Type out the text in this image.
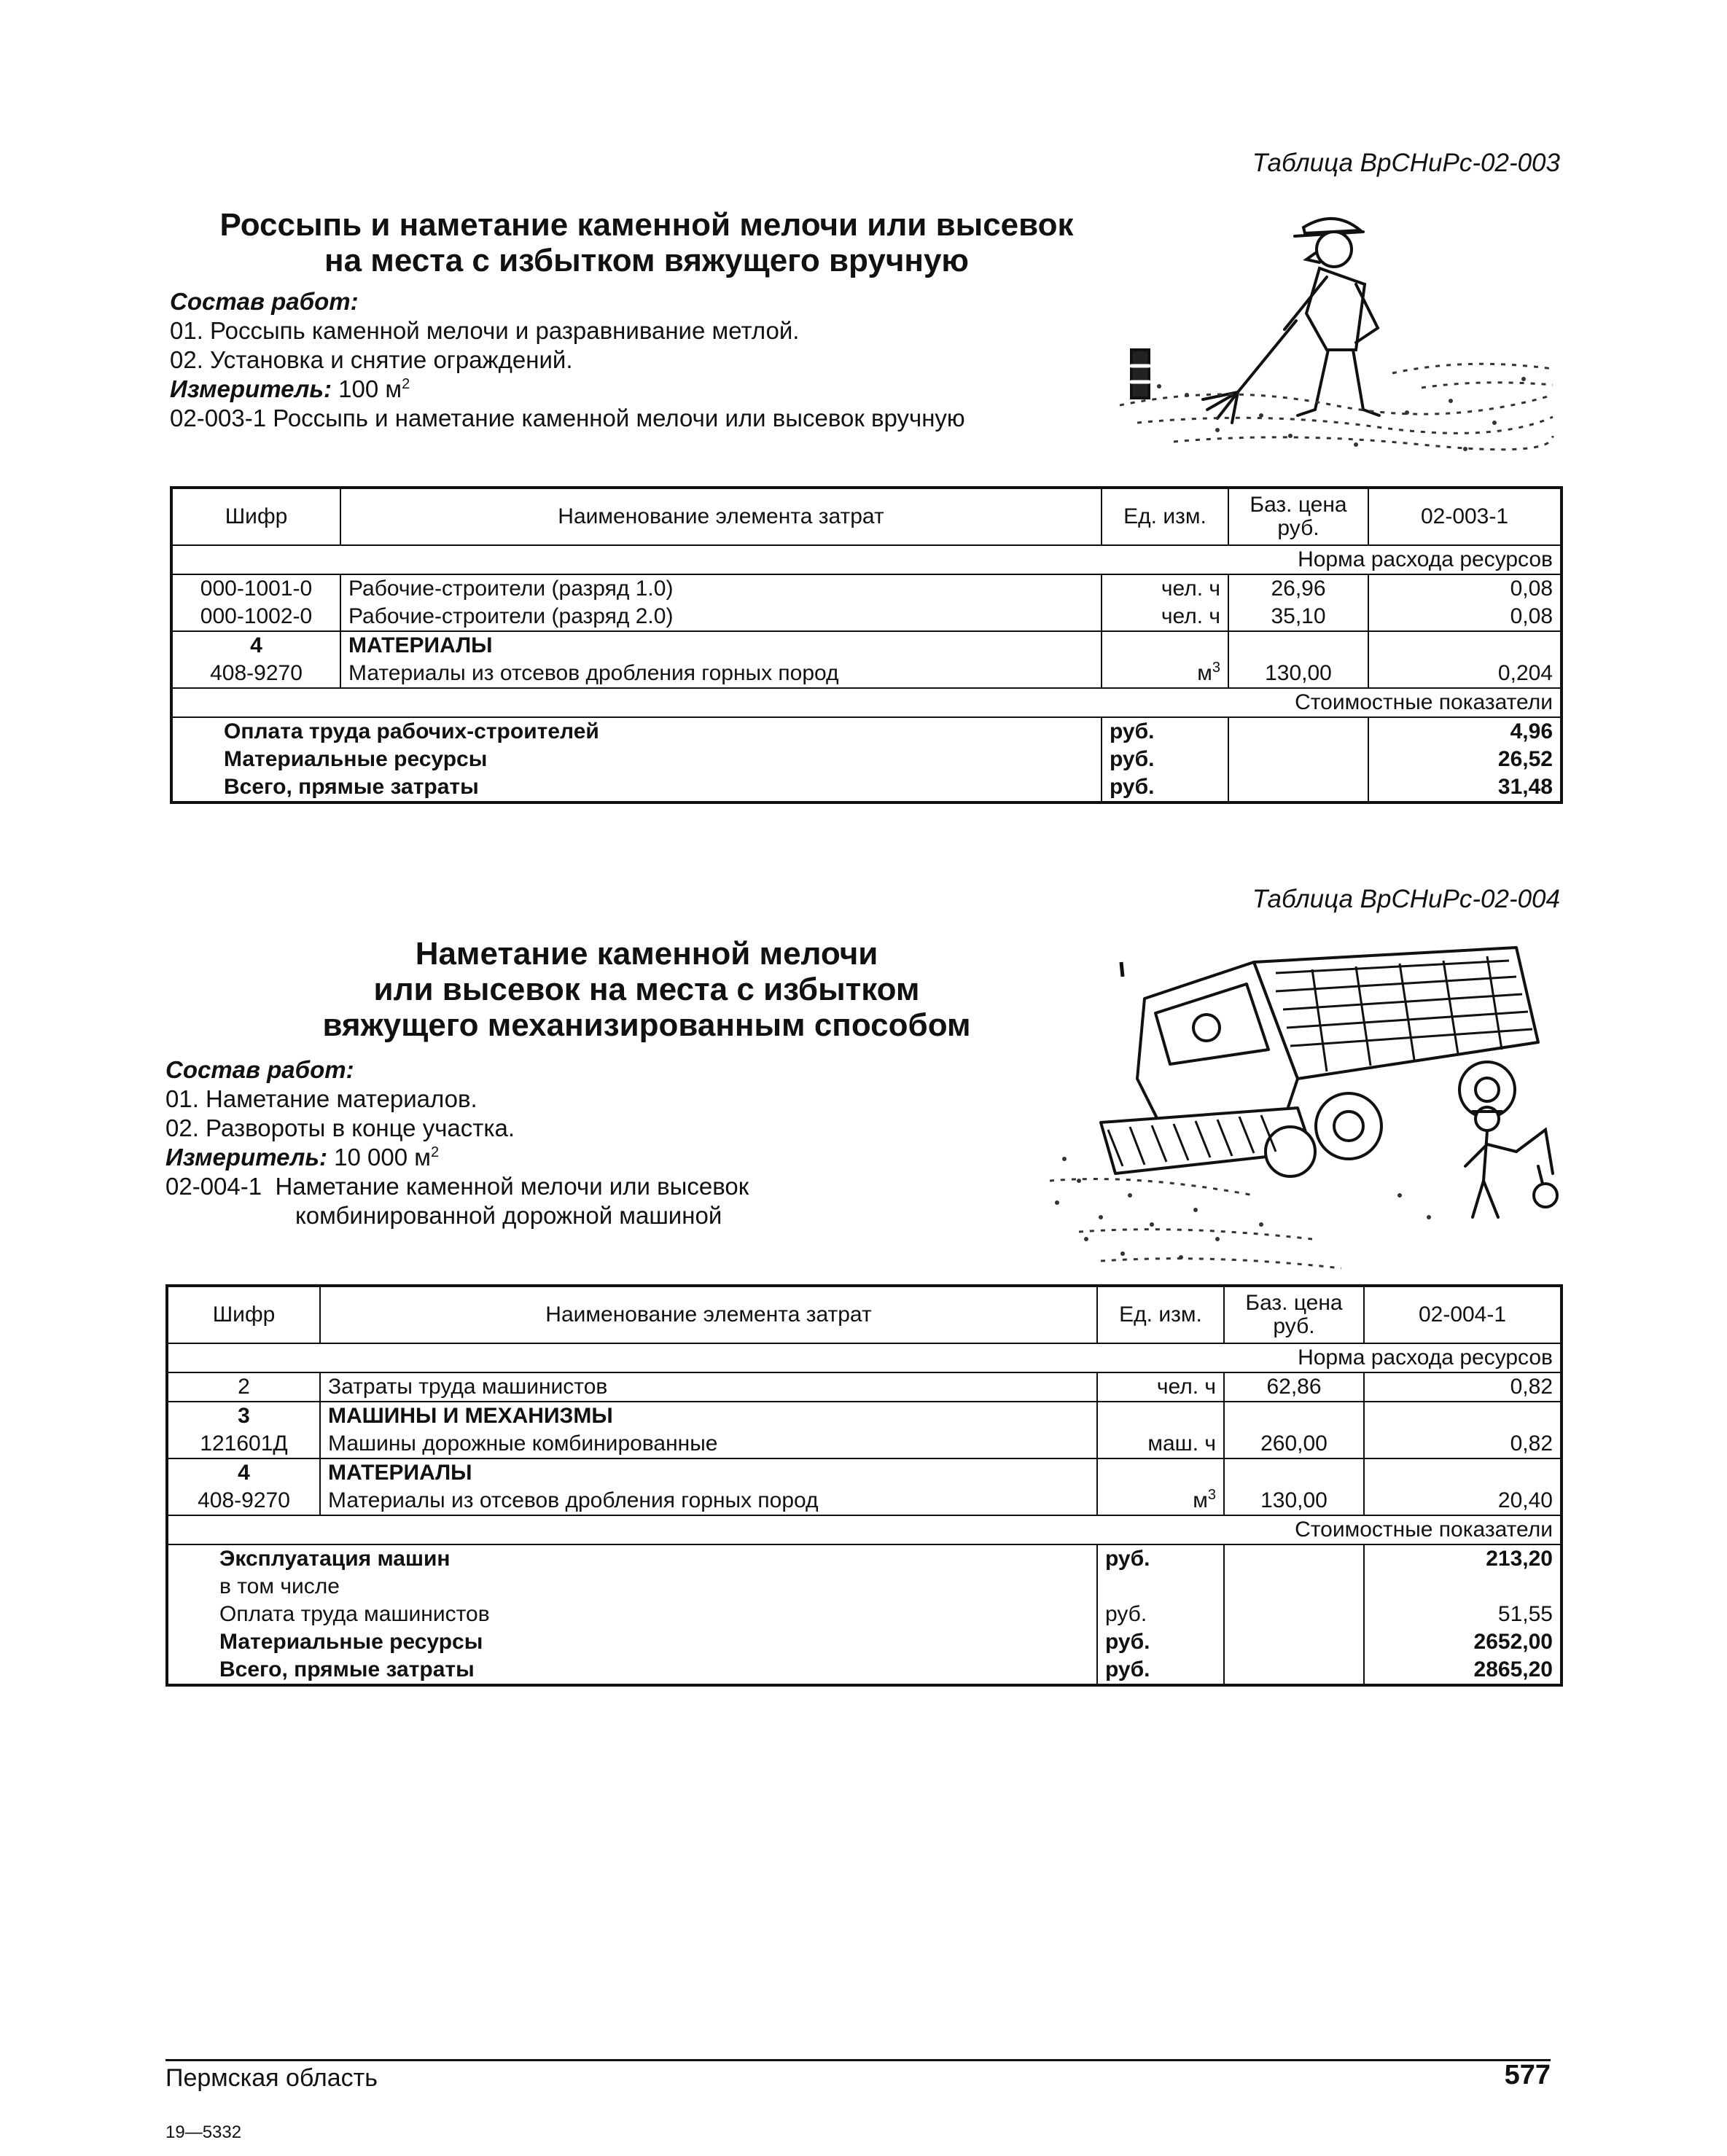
Таблица ВрСНиРс-02-003
Россыпь и наметание каменной мелочи или высевок
на места с избытком вяжущего вручную
Состав работ:
01. Россыпь каменной мелочи и разравнивание метлой.
02. Установка и снятие ограждений.
Измеритель: 100 $м^2$
02-003-1 Россыпь и наметание каменной мелочи или высевок вручную
Шифр	Наименование элемента затрат	Ед. изм.	Баз. цена руб.	02-003-1
Норма расхода ресурсов				
000-1001-0	Рабочие-строители (разряд 1.0)	чел. ч	26,96	0,08
000-1002-0	Рабочие-строители (разряд 2.0)	чел. ч	35,10	0,08
4	МАТЕРИАЛЫ			
408-9270	Материалы из отсевов дробления горных пород	$м^3$	130,00	0,204
Стоимостные показатели				
Оплата труда рабочих-строителей		руб.		4,96
Материальные ресурсы		руб.		26,52
Всего, прямые затраты		руб.		31,48
Таблица ВрСНиРс-02-004
Наметание каменной мелочи
или высевок на места с избытком
вяжущего механизированным способом
Состав работ:
01. Наметание материалов.
02. Развороты в конце участка.
Измеритель: 10 000 $м^2$
02-004-1 Наметание каменной мелочи или высевок
комбинированной дорожной машиной
Шифр	Наименование элемента затрат	Ед. изм.	Баз. цена руб.	02-004-1
Норма расхода ресурсов				
2	Затраты труда машинистов	чел. ч	62,86	0,82
3	МАШИНЫ И МЕХАНИЗМЫ			
121601Д	Машины дорожные комбинированные	маш. ч	260,00	0,82
4	МАТЕРИАЛЫ			
408-9270	Материалы из отсевов дробления горных пород	$м^3$	130,00	20,40
Стоимостные показатели				
Эксплуатация машин		руб.		213,20
в том числе				
Оплата труда машинистов		руб.		51,55
Материальные ресурсы		руб.		2652,00
Всего, прямые затраты		руб.		2865,20
Пермская область	577
19—5332
